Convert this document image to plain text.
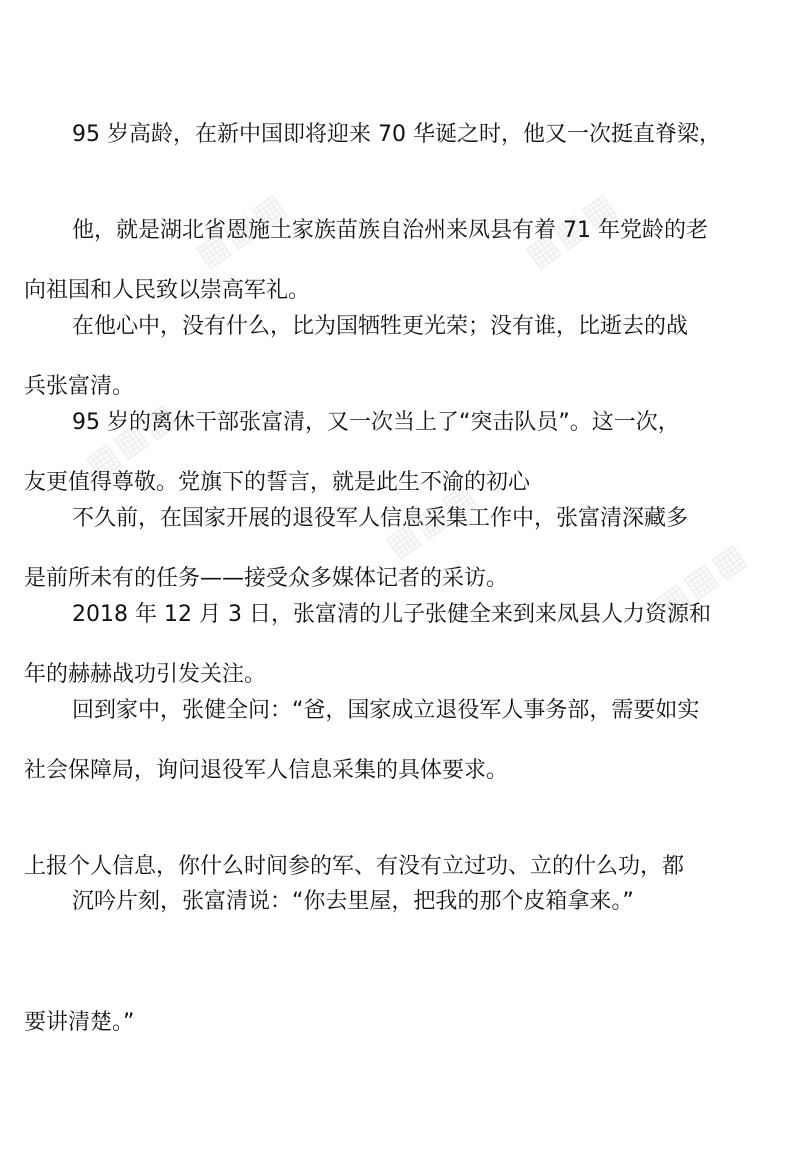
▦▦▦	▦▦▦
▦▦▦
▦▦▦
▦▦▦

95 岁高龄，在新中国即将迎来 70 华诞之时，他又一次挺直脊梁，

向祖国和人民致以崇高军礼。

他，就是湖北省恩施土家族苗族自治州来凤县有着 71 年党龄的老

兵张富清。

在他心中，没有什么，比为国牺牲更光荣；没有谁，比逝去的战

友更值得尊敬。党旗下的誓言，就是此生不渝的初心

95 岁的离休干部张富清，又一次当上了“突击队员”。这一次，

是前所未有的任务——接受众多媒体记者的采访。

不久前，在国家开展的退役军人信息采集工作中，张富清深藏多

年的赫赫战功引发关注。

2018 年 12 月 3 日，张富清的儿子张健全来到来凤县人力资源和

社会保障局，询问退役军人信息采集的具体要求。

回到家中，张健全问：“爸，国家成立退役军人事务部，需要如实

上报个人信息，你什么时间参的军、有没有立过功、立的什么功，都

要讲清楚。”

沉吟片刻，张富清说：“你去里屋，把我的那个皮箱拿来。”
